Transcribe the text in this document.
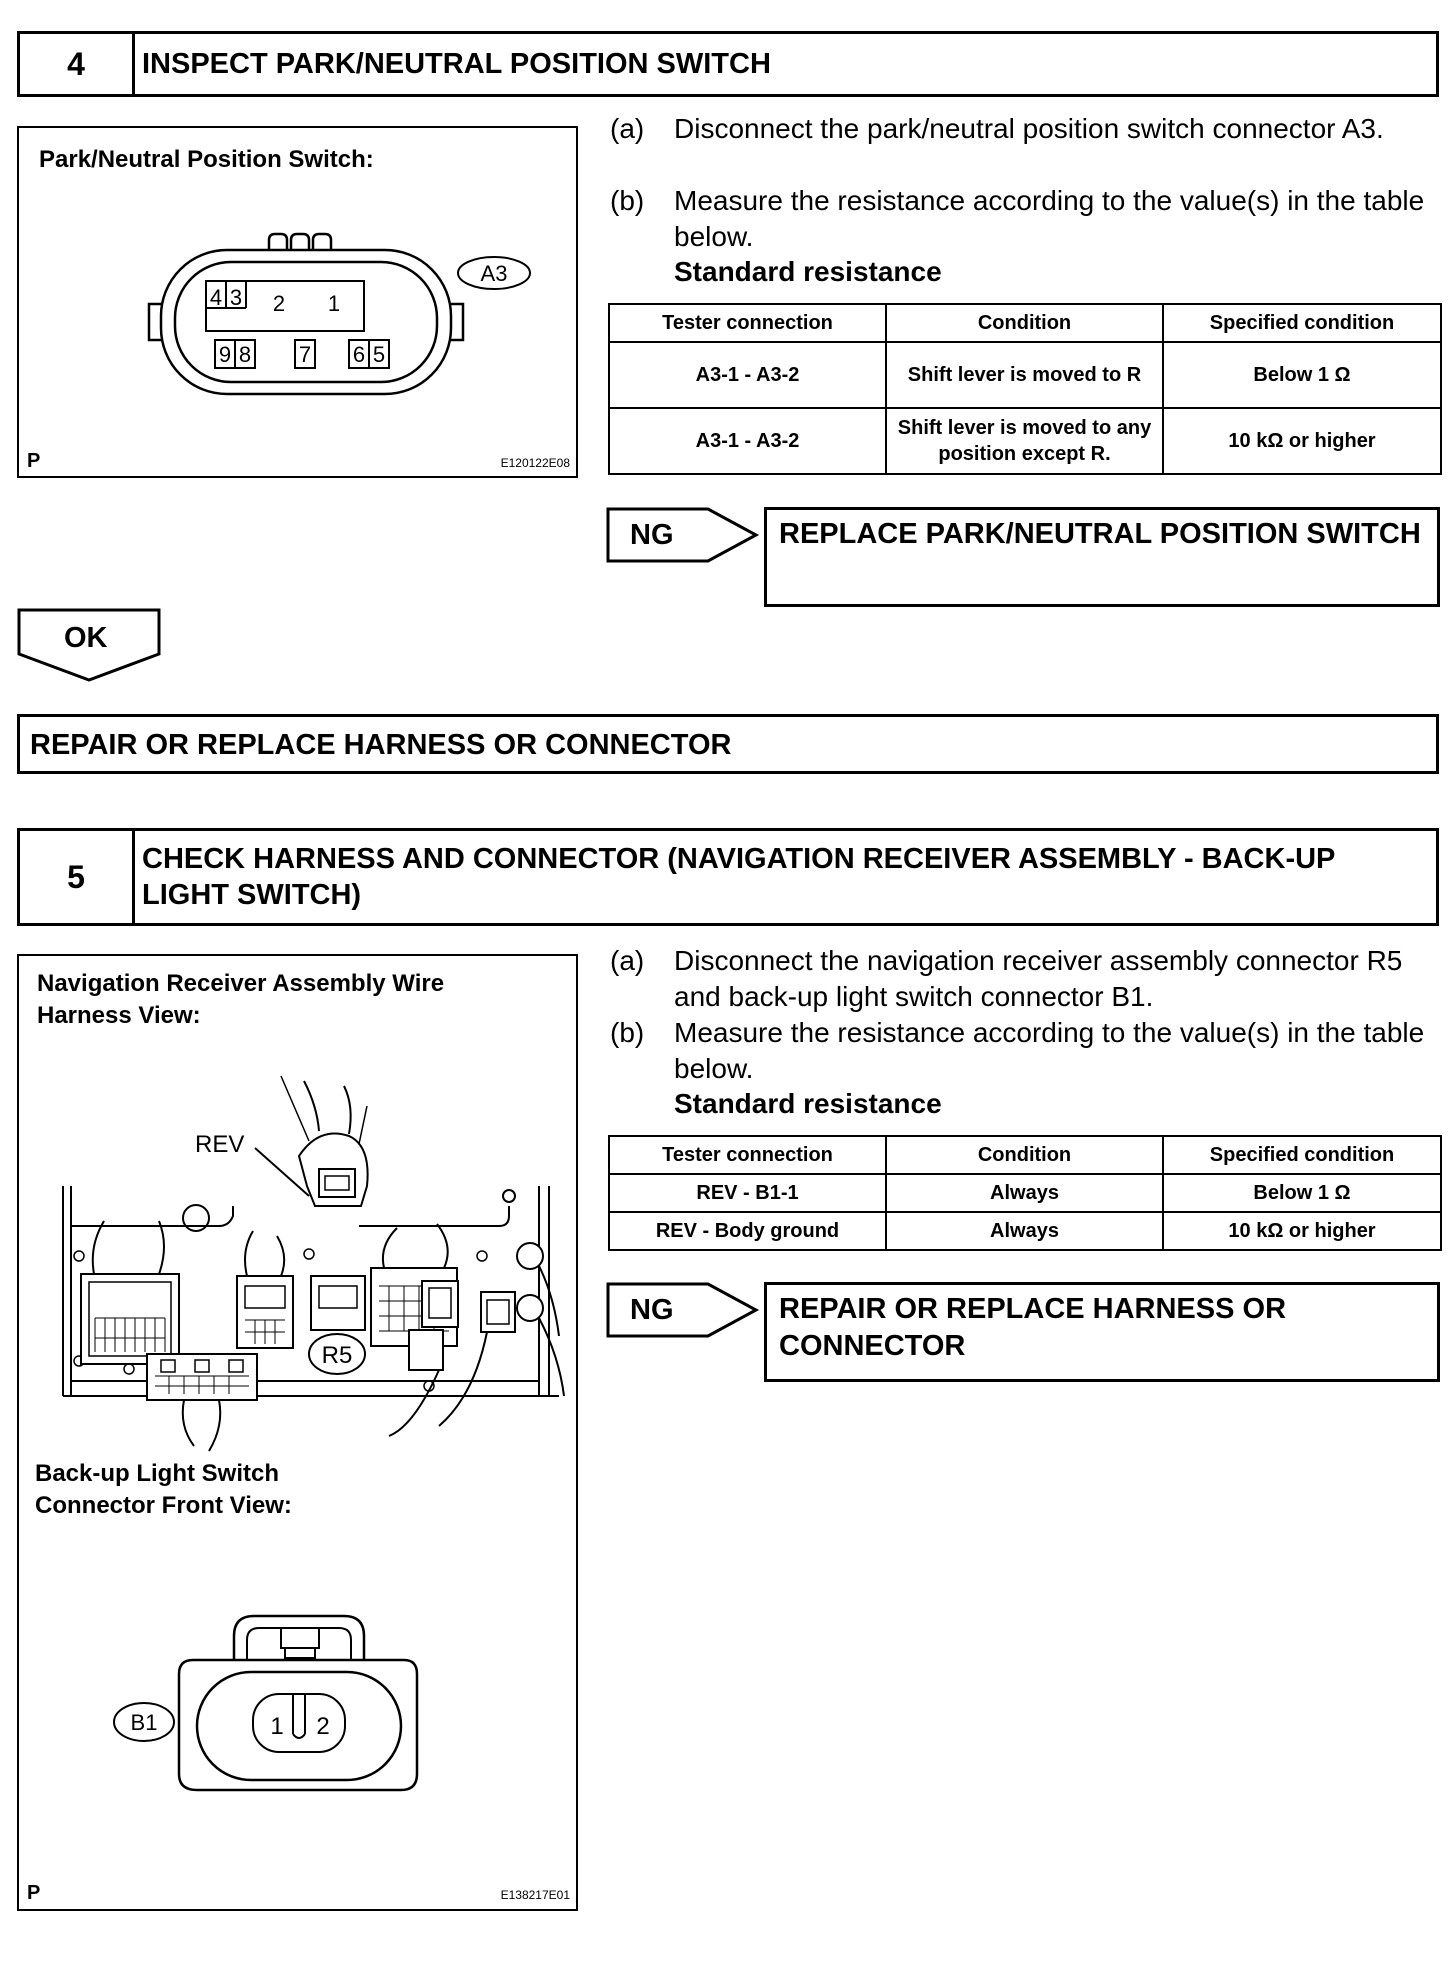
4	INSPECT PARK/NEUTRAL POSITION SWITCH
Park/Neutral Position Switch:
4 3 2 1
9 8 7 6 5
A3
P	E120122E08
(a) Disconnect the park/neutral position switch connector A3.
(b) Measure the resistance according to the value(s) in the table below.
Standard resistance
Tester connection	Condition	Specified condition
A3-1 - A3-2	Shift lever is moved to R	Below 1 Ω
A3-1 - A3-2	Shift lever is moved to any position except R.	10 kΩ or higher
NG	REPLACE PARK/NEUTRAL POSITION SWITCH
OK
REPAIR OR REPLACE HARNESS OR CONNECTOR
5	CHECK HARNESS AND CONNECTOR (NAVIGATION RECEIVER ASSEMBLY - BACK-UP LIGHT SWITCH)
Navigation Receiver Assembly Wire Harness View:
REV
R5
Back-up Light Switch Connector Front View:
1 2
B1
P	E138217E01
(a) Disconnect the navigation receiver assembly connector R5 and back-up light switch connector B1.
(b) Measure the resistance according to the value(s) in the table below.
Standard resistance
Tester connection	Condition	Specified condition
REV - B1-1	Always	Below 1 Ω
REV - Body ground	Always	10 kΩ or higher
NG	REPAIR OR REPLACE HARNESS OR CONNECTOR
